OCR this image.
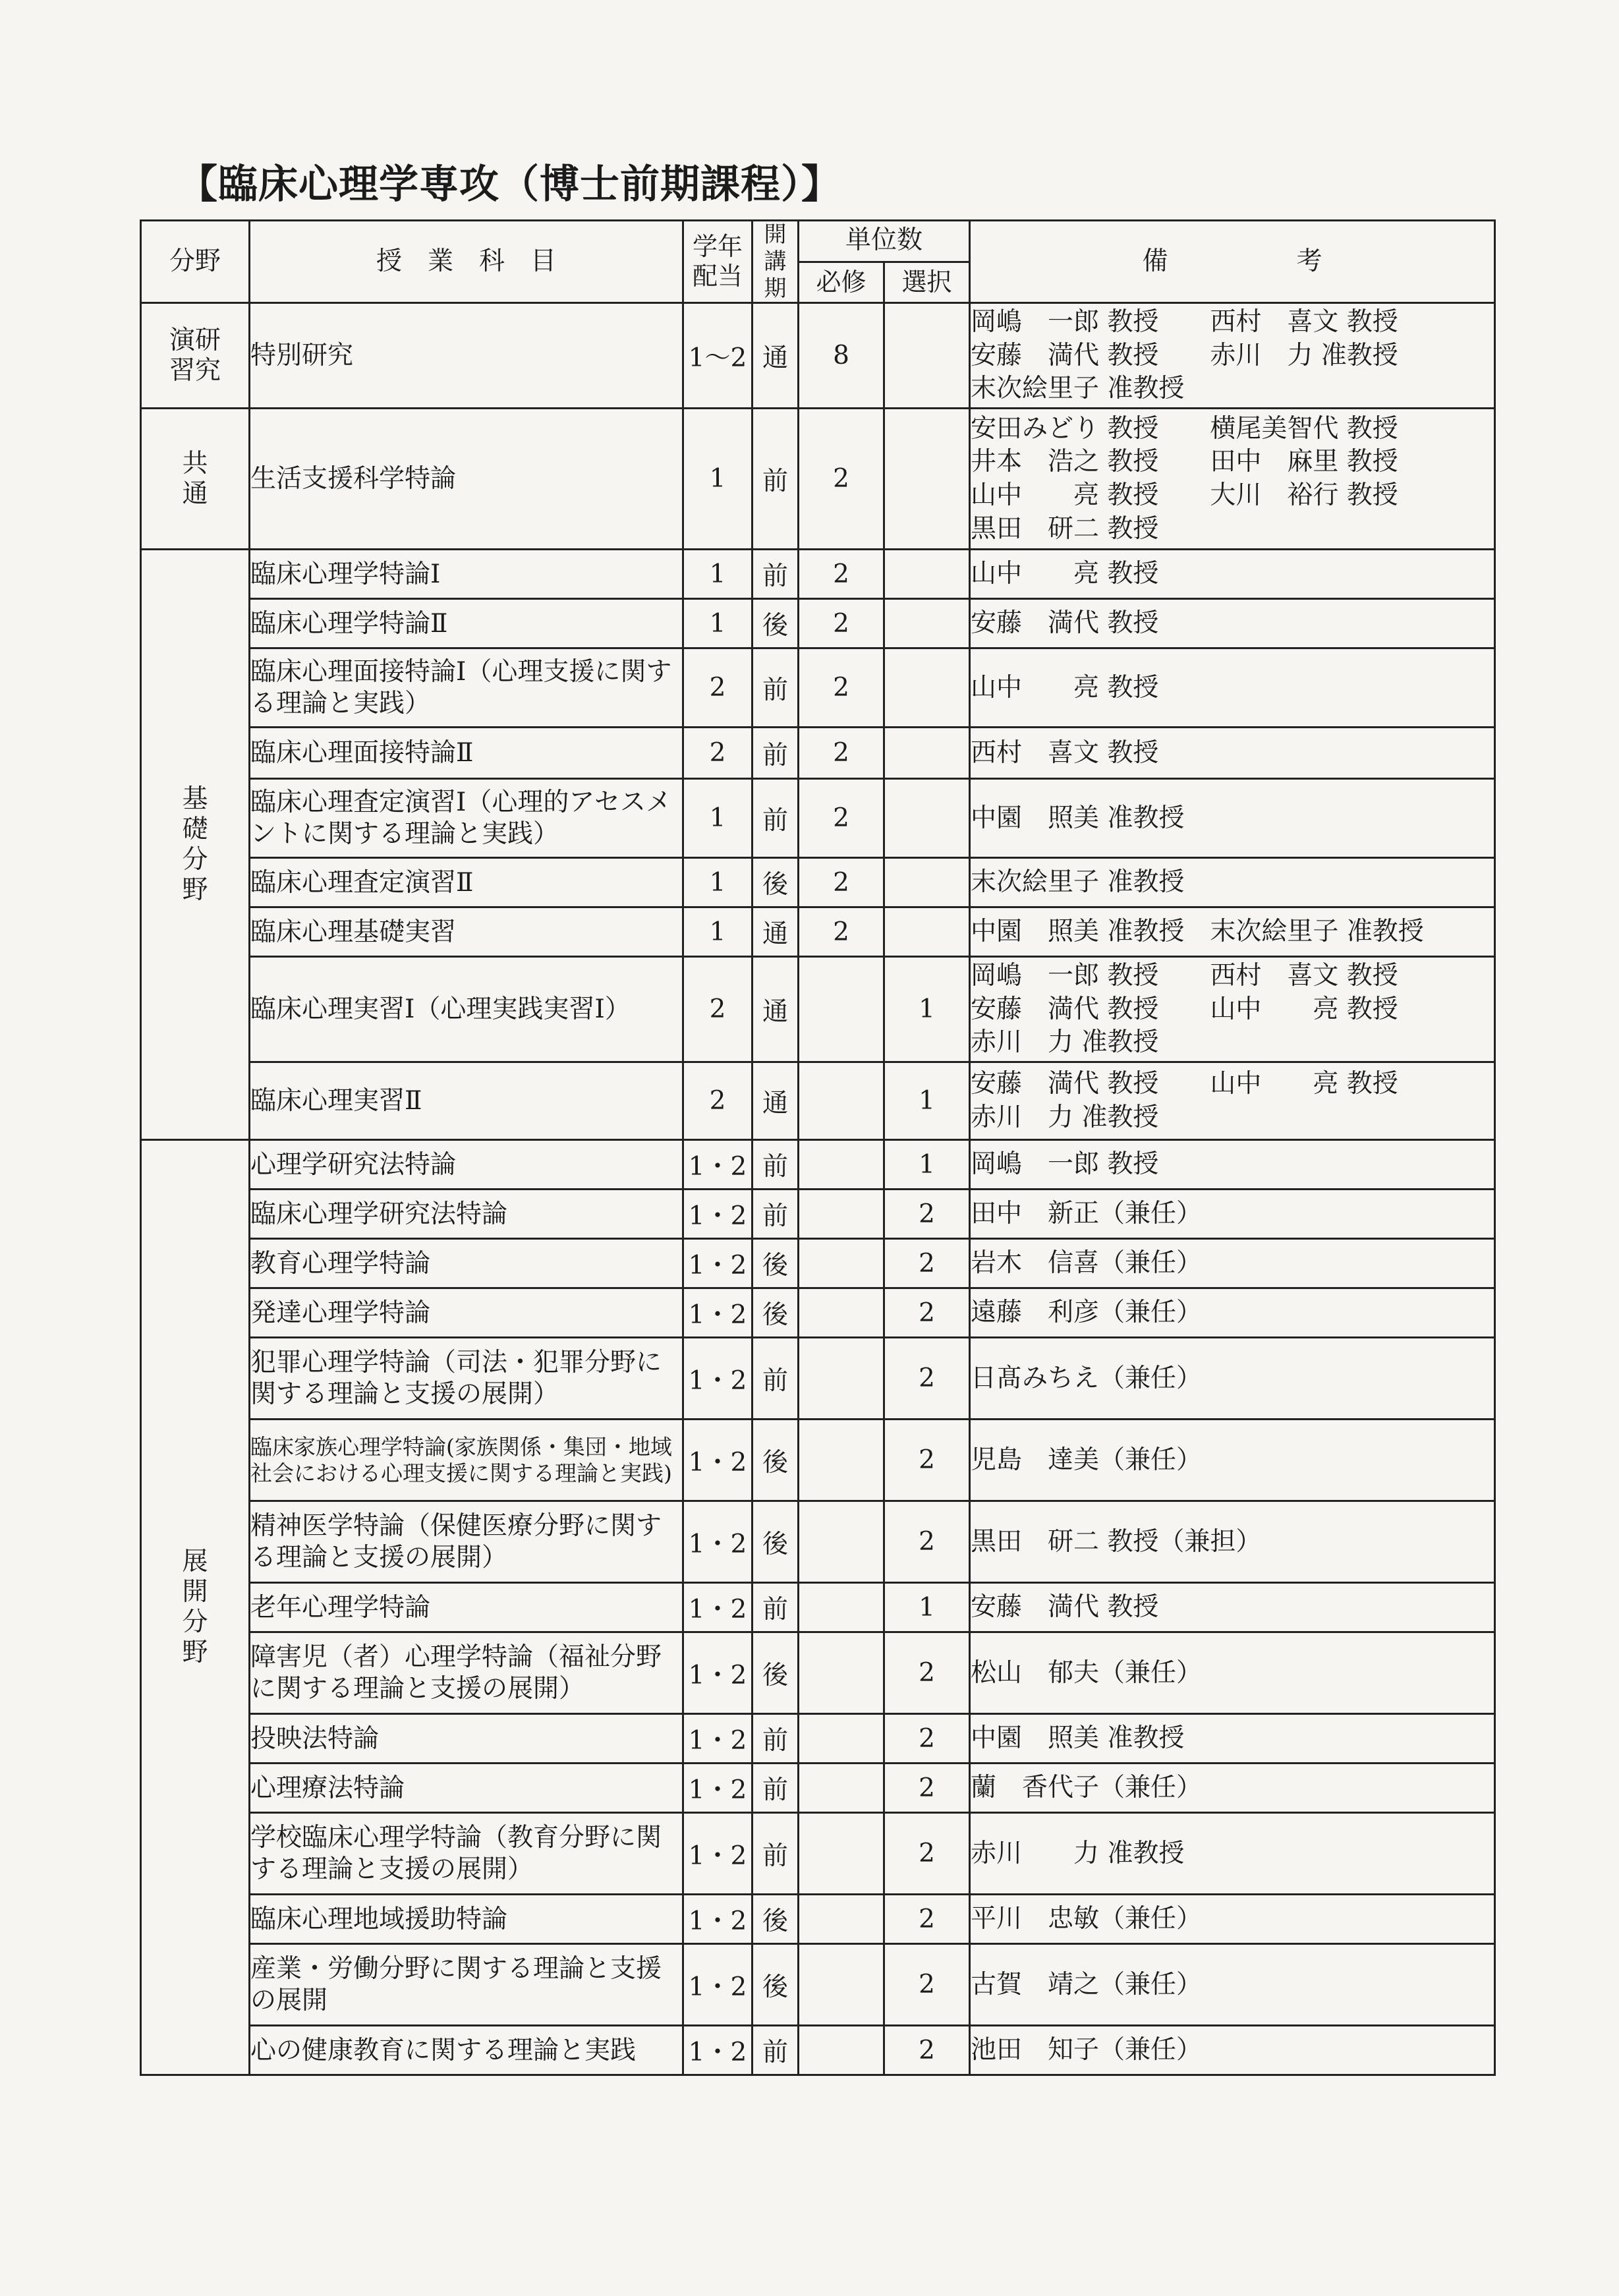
【臨床心理学専攻（博士前期課程）】
分野	授　業　科　目	学年配当	開講期	単位数		備　　　　　考
				必修	選択	
演研習究	特別研究	1〜2	通	8		岡嶋　一郎 教授　　西村　喜文 教授
安藤　満代 教授　　赤川　力 准教授
末次絵里子 准教授
共通	生活支援科学特論	1	前	2		安田みどり 教授　　横尾美智代 教授
井本　浩之 教授　　田中　麻里 教授
山中　　亮 教授　　大川　裕行 教授
黒田　研二 教授
基礎分野	臨床心理学特論Ⅰ	1	前	2		山中　　亮 教授
	臨床心理学特論Ⅱ	1	後	2		安藤　満代 教授
	臨床心理面接特論Ⅰ（心理支援に関する理論と実践）	2	前	2		山中　　亮 教授
	臨床心理面接特論Ⅱ	2	前	2		西村　喜文 教授
	臨床心理査定演習Ⅰ（心理的アセスメントに関する理論と実践）	1	前	2		中園　照美 准教授
	臨床心理査定演習Ⅱ	1	後	2		末次絵里子 准教授
	臨床心理基礎実習	1	通	2		中園　照美 准教授　末次絵里子 准教授
	臨床心理実習Ⅰ（心理実践実習Ⅰ）	2	通		1	岡嶋　一郎 教授　　西村　喜文 教授
安藤　満代 教授　　山中　　亮 教授
赤川　力 准教授
	臨床心理実習Ⅱ	2	通		1	安藤　満代 教授　　山中　　亮 教授
赤川　力 准教授
展開分野	心理学研究法特論	1・2	前		1	岡嶋　一郎 教授
	臨床心理学研究法特論	1・2	前		2	田中　新正（兼任）
	教育心理学特論	1・2	後		2	岩木　信喜（兼任）
	発達心理学特論	1・2	後		2	遠藤　利彦（兼任）
	犯罪心理学特論（司法・犯罪分野に関する理論と支援の展開）	1・2	前		2	日髙みちえ（兼任）
	臨床家族心理学特論(家族関係・集団・地域社会における心理支援に関する理論と実践)	1・2	後		2	児島　達美（兼任）
	精神医学特論（保健医療分野に関する理論と支援の展開）	1・2	後		2	黒田　研二 教授（兼担）
	老年心理学特論	1・2	前		1	安藤　満代 教授
	障害児（者）心理学特論（福祉分野に関する理論と支援の展開）	1・2	後		2	松山　郁夫（兼任）
	投映法特論	1・2	前		2	中園　照美 准教授
	心理療法特論	1・2	前		2	蘭　香代子（兼任）
	学校臨床心理学特論（教育分野に関する理論と支援の展開）	1・2	前		2	赤川　　力 准教授
	臨床心理地域援助特論	1・2	後		2	平川　忠敏（兼任）
	産業・労働分野に関する理論と支援の展開	1・2	後		2	古賀　靖之（兼任）
	心の健康教育に関する理論と実践	1・2	前		2	池田　知子（兼任）
